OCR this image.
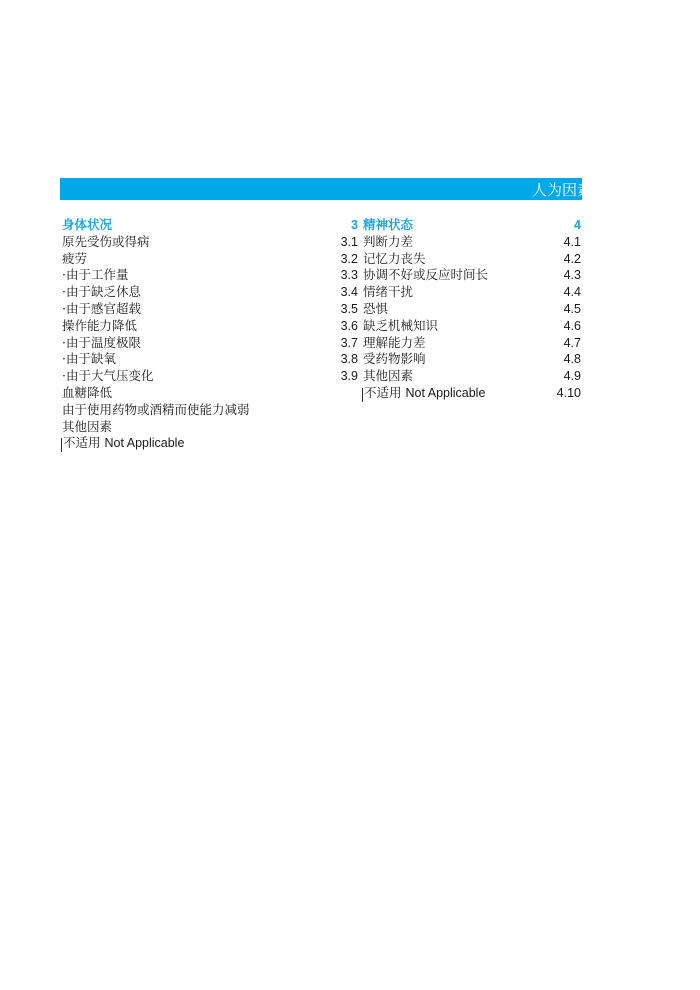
人为因素
身体状况	3
原先受伤或得病	3.1
疲劳	3.2
·由于工作量	3.3
·由于缺乏休息	3.4
·由于感官超载	3.5
操作能力降低	3.6
·由于温度极限	3.7
·由于缺氧	3.8
·由于大气压变化	3.9
血糖降低
由于使用药物或酒精而使能力减弱
其他因素
不适用 Not Applicable
精神状态	4
判断力差	4.1
记忆力丧失	4.2
协调不好或反应时间长	4.3
情绪干扰	4.4
恐惧	4.5
缺乏机械知识	4.6
理解能力差	4.7
受药物影响	4.8
其他因素	4.9
不适用 Not Applicable	4.10
